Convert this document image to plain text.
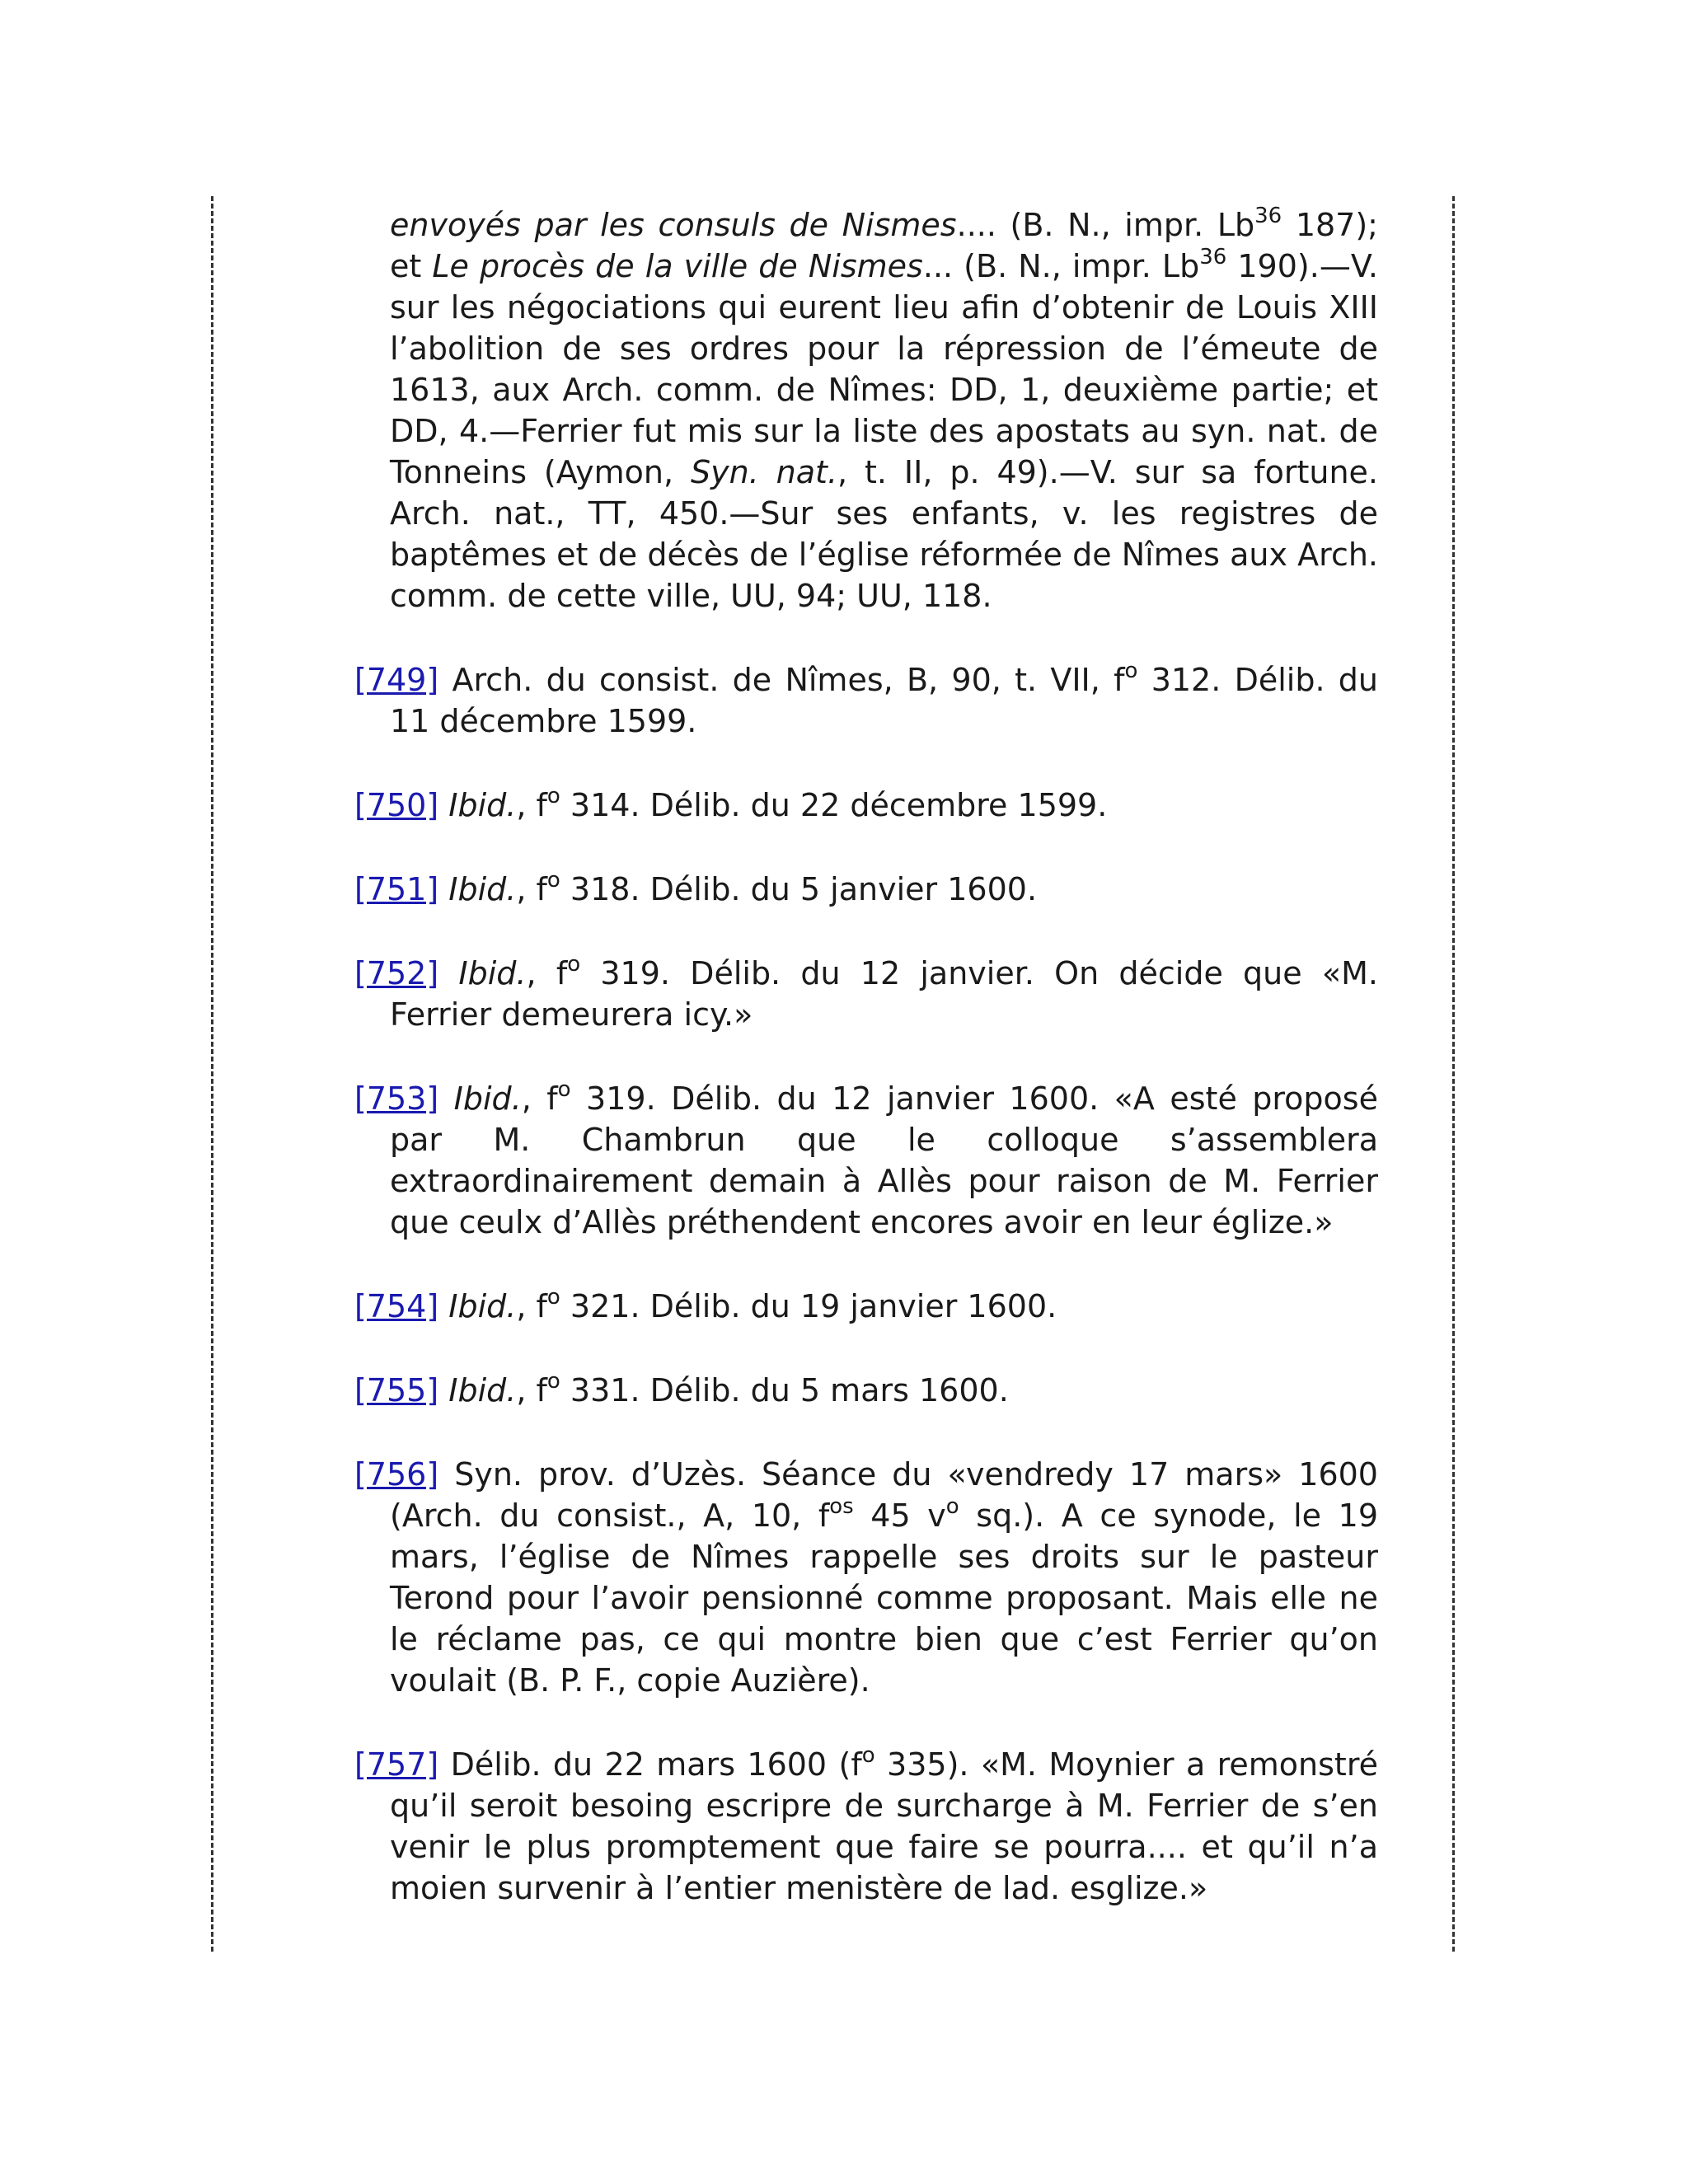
envoyés par les consuls de Nismes.... (B. N., impr. Lb$^{36}$ 187); et Le procès de la ville de Nismes... (B. N., impr. Lb$^{36}$ 190).—V. sur les négociations qui eurent lieu afin d’obtenir de Louis XIII l’abolition de ses ordres pour la répression de l’émeute de 1613, aux Arch. comm. de Nîmes: DD, 1, deuxième partie; et DD, 4.—Ferrier fut mis sur la liste des apostats au syn. nat. de Tonneins (Aymon, Syn. nat., t. II, p. 49).—V. sur sa fortune. Arch. nat., TT, 450.—Sur ses enfants, v. les registres de baptêmes et de décès de l’église réformée de Nîmes aux Arch. comm. de cette ville, UU, 94; UU, 118.

[749] Arch. du consist. de Nîmes, B, 90, t. VII, $f^o$ 312. Délib. du 11 décembre 1599.

[750] Ibid., $f^o$ 314. Délib. du 22 décembre 1599.

[751] Ibid., $f^o$ 318. Délib. du 5 janvier 1600.

[752] Ibid., $f^o$ 319. Délib. du 12 janvier. On décide que «M. Ferrier demeurera icy.»

[753] Ibid., $f^o$ 319. Délib. du 12 janvier 1600. «A esté proposé par M. Chambrun que le colloque s’assemblera extraordinairement demain à Allès pour raison de M. Ferrier que ceulx d’Allès préthendent encores avoir en leur églize.»

[754] Ibid., $f^o$ 321. Délib. du 19 janvier 1600.

[755] Ibid., $f^o$ 331. Délib. du 5 mars 1600.

[756] Syn. prov. d’Uzès. Séance du «vendredy 17 mars» 1600 (Arch. du consist., A, 10, $f^{os}$ 45 $v^o$ sq.). A ce synode, le 19 mars, l’église de Nîmes rappelle ses droits sur le pasteur Terond pour l’avoir pensionné comme proposant. Mais elle ne le réclame pas, ce qui montre bien que c’est Ferrier qu’on voulait (B. P. F., copie Auzière).

[757] Délib. du 22 mars 1600 ($f^o$ 335). «M. Moynier a remonstré qu’il seroit besoing escripre de surcharge à M. Ferrier de s’en venir le plus promptement que faire se pourra.... et qu’il n’a moien survenir à l’entier menistère de lad. esglize.»
